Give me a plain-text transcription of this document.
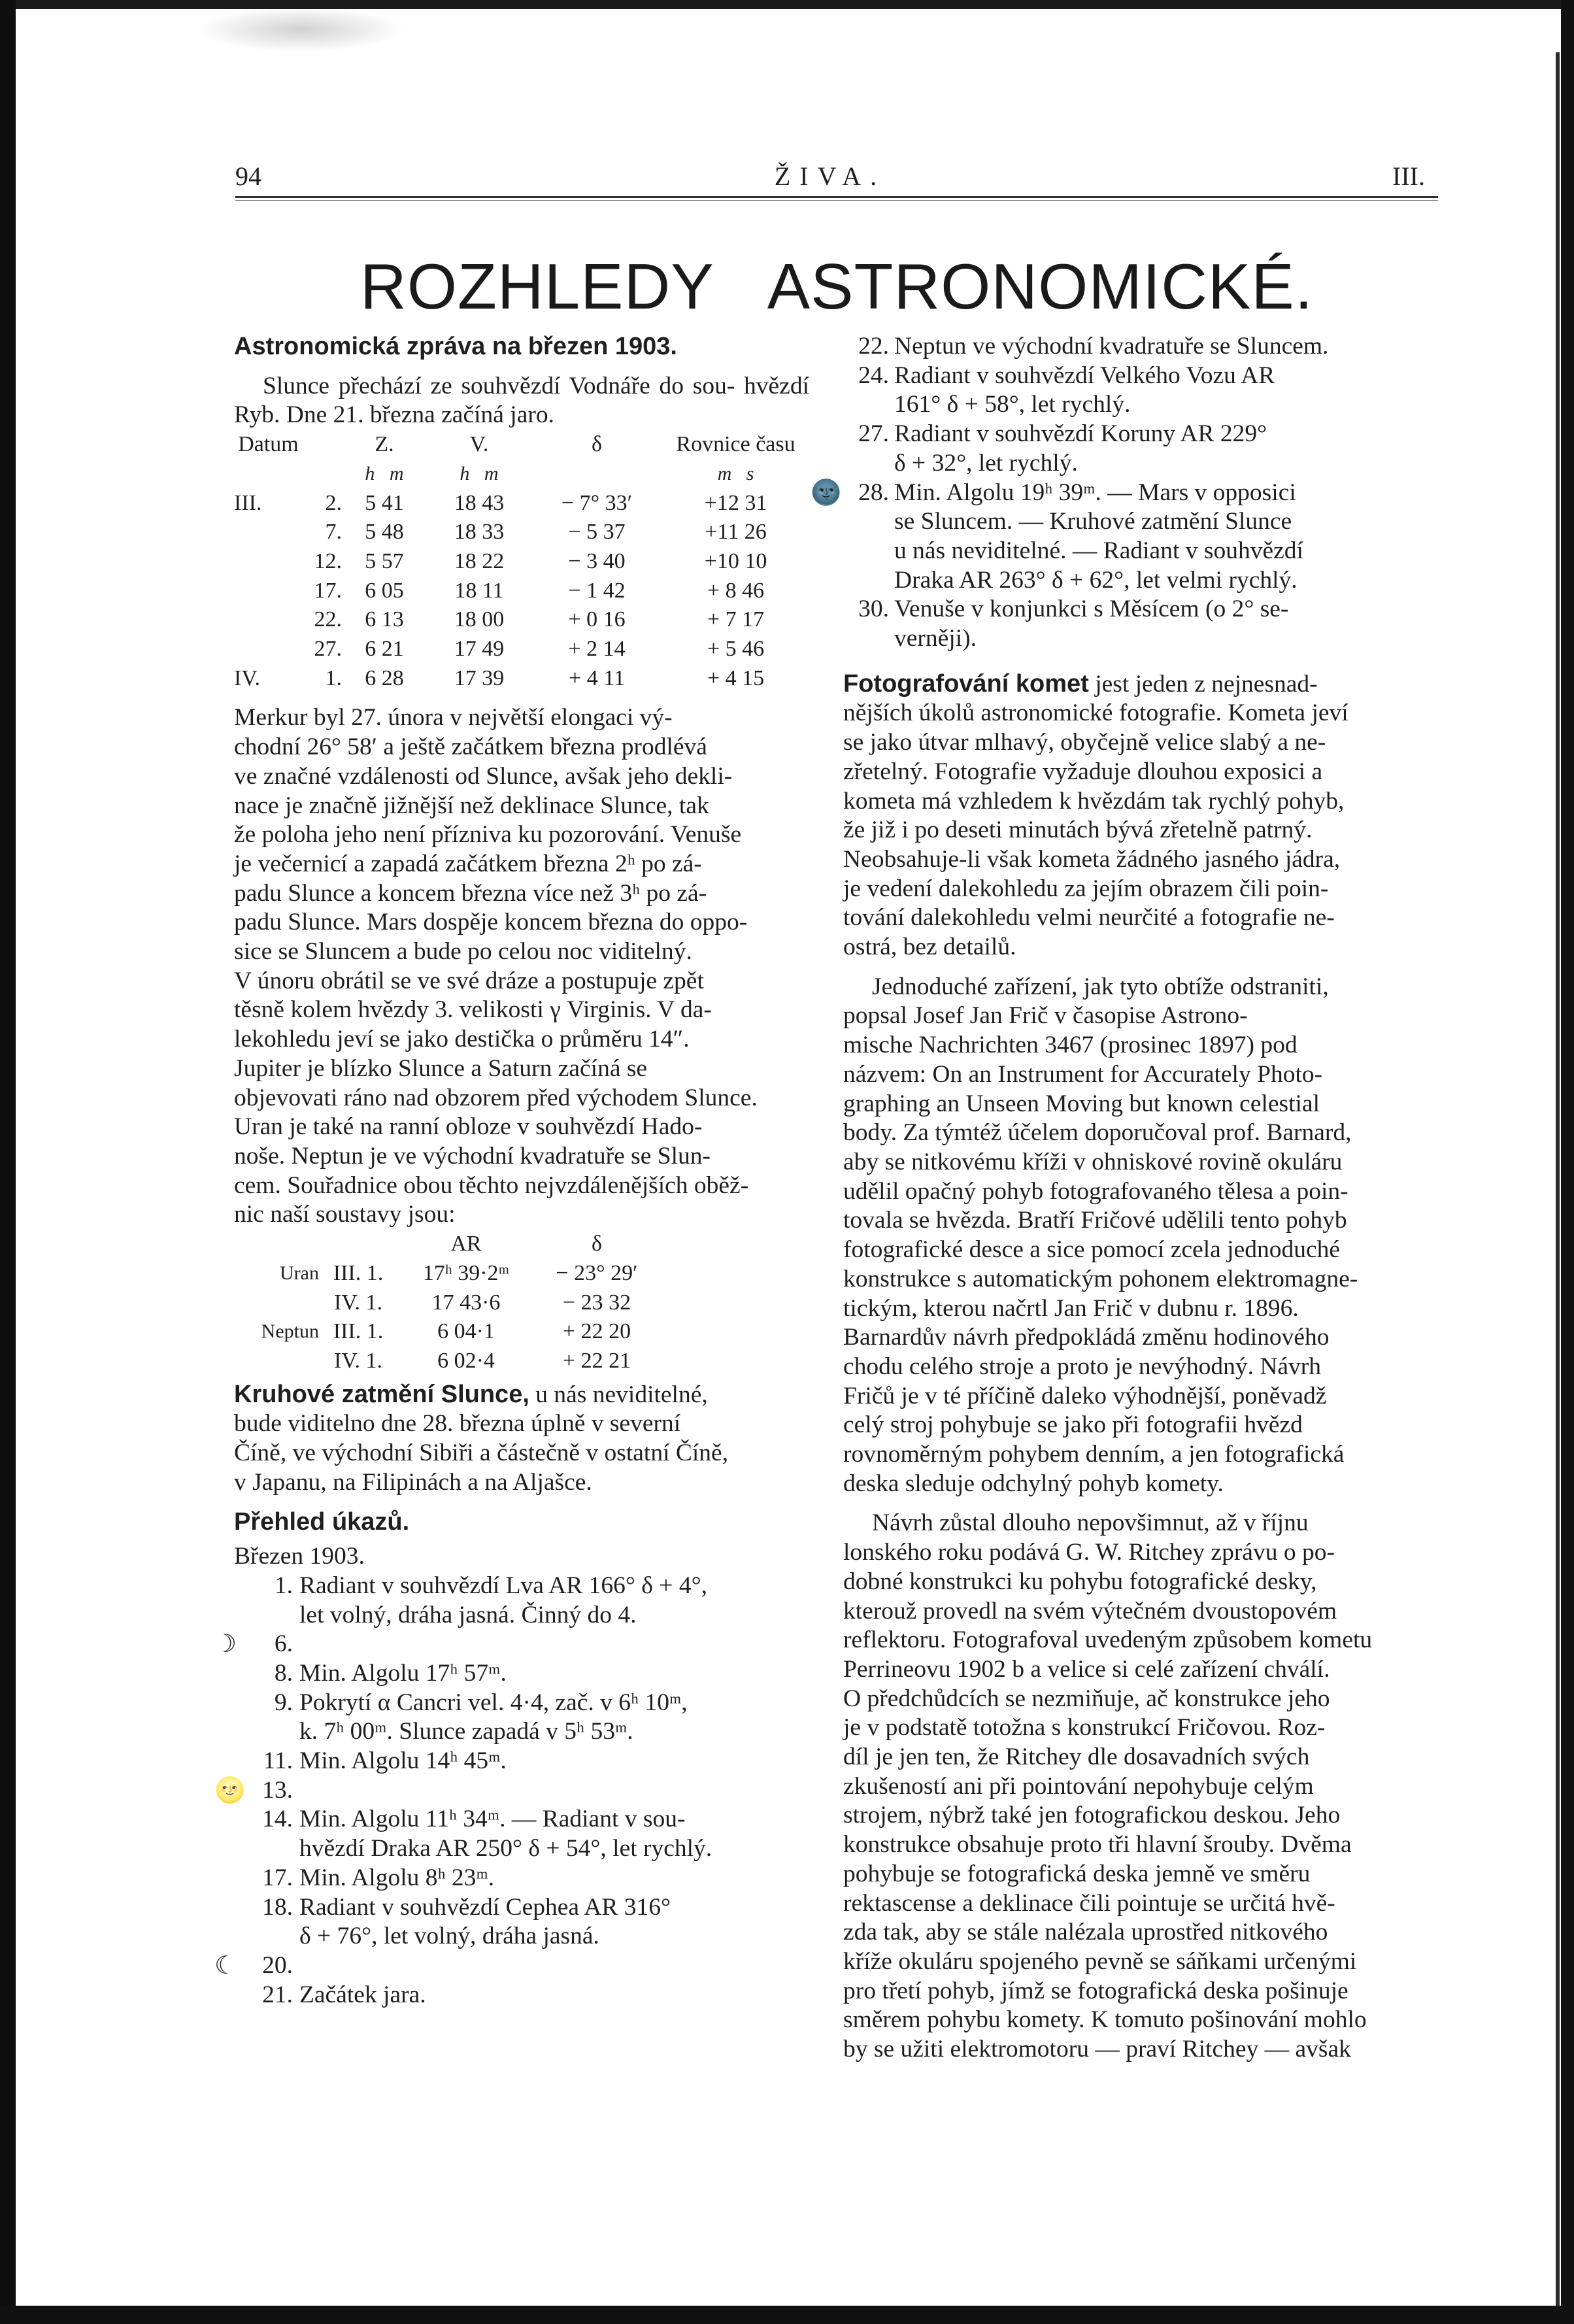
94	ŽIVA.	III.
ROZHLEDY ASTRONOMICKÉ.
Astronomická zpráva na březen 1903.

Slunce přechází ze souhvězdí Vodnáře do sou- hvězdí Ryb. Dne 21. března začíná jaro.

Datum		Z.	V.	δ	Rovnice času
		h m	h m		m s
III.	2.	5 41	18 43	− 7° 33′	+12 31
	7.	5 48	18 33	− 5 37	+11 26
	12.	5 57	18 22	− 3 40	+10 10
	17.	6 05	18 11	− 1 42	+ 8 46
	22.	6 13	18 00	+ 0 16	+ 7 17
	27.	6 21	17 49	+ 2 14	+ 5 46
IV.	1.	6 28	17 39	+ 4 11	+ 4 15
Merkur byl 27. února v největší elongaci vý-
chodní 26° 58′ a ještě začátkem března prodlévá
ve značné vzdálenosti od Slunce, avšak jeho dekli-
nace je značně jižnější než deklinace Slunce, tak
že poloha jeho není přízniva ku pozorování. Venuše
je večernicí a zapadá začátkem března 2ʰ po zá-
padu Slunce a koncem března více než 3ʰ po zá-
padu Slunce. Mars dospěje koncem března do oppo-
sice se Sluncem a bude po celou noc viditelný.
V únoru obrátil se ve své dráze a postupuje zpět
těsně kolem hvězdy 3. velikosti γ Virginis. V da-
lekohledu jeví se jako destička o průměru 14″.
Jupiter je blízko Slunce a Saturn začíná se
objevovati ráno nad obzorem před východem Slunce.
Uran je také na ranní obloze v souhvězdí Hado-
noše. Neptun je ve východní kvadratuře se Slun-
cem. Souřadnice obou těchto nejvzdálenějších oběž-
nic naší soustavy jsou:
		AR	δ	
Uran	III. 1.	17ʰ 39·2ᵐ	− 23° 29′	
	IV. 1.	17 43·6	− 23 32	
Neptun	III. 1.	6 04·1	+ 22 20	
	IV. 1.	6 02·4	+ 22 21	
Kruhové zatmění Slunce, u nás neviditelné,
bude viditelno dne 28. března úplně v severní
Číně, ve východní Sibiři a částečně v ostatní Číně,
v Japanu, na Filipinách a na Aljašce.
Přehled úkazů.
Březen 1903.
1. Radiant v souhvězdí Lva AR 166° δ + 4°,
let volný, dráha jasná. Činný do 4.
☽	6.

8. Min. Algolu 17ʰ 57ᵐ.
9. Pokrytí α Cancri vel. 4·4, zač. v 6ʰ 10ᵐ,
k. 7ʰ 00ᵐ. Slunce zapadá v 5ʰ 53ᵐ.
11. Min. Algolu 14ʰ 45ᵐ.
🌝 13.

14. Min. Algolu 11ʰ 34ᵐ. — Radiant v sou-
hvězdí Draka AR 250° δ + 54°, let rychlý.
17. Min. Algolu 8ʰ 23ᵐ.
18. Radiant v souhvězdí Cephea AR 316°
δ + 76°, let volný, dráha jasná.
☾	20.

21. Začátek jara.
22. Neptun ve východní kvadratuře se Sluncem.
24. Radiant v souhvězdí Velkého Vozu AR
161° δ + 58°, let rychlý.
27. Radiant v souhvězdí Koruny AR 229°
δ + 32°, let rychlý.
🌚 28. Min. Algolu 19ʰ 39ᵐ. — Mars v opposici
se Sluncem. — Kruhové zatmění Slunce
u nás neviditelné. — Radiant v souhvězdí
Draka AR 263° δ + 62°, let velmi rychlý.
30. Venuše v konjunkci s Měsícem (o 2° se-
verněji).
Fotografování komet jest jeden z nejnesnad-
nějších úkolů astronomické fotografie. Kometa jeví
se jako útvar mlhavý, obyčejně velice slabý a ne-
zřetelný. Fotografie vyžaduje dlouhou exposici a
kometa má vzhledem k hvězdám tak rychlý pohyb,
že již i po deseti minutách bývá zřetelně patrný.
Neobsahuje-li však kometa žádného jasného jádra,
je vedení dalekohledu za jejím obrazem čili poin-
tování dalekohledu velmi neurčité a fotografie ne-
ostrá, bez detailů.
Jednoduché zařízení, jak tyto obtíže odstraniti,
popsal Josef Jan Frič v časopise Astrono-
mische Nachrichten 3467 (prosinec 1897) pod
názvem: On an Instrument for Accurately Photo-
graphing an Unseen Moving but known celestial
body. Za týmtéž účelem doporučoval prof. Barnard,
aby se nitkovému kříži v ohniskové rovině okuláru
udělil opačný pohyb fotografovaného tělesa a poin-
tovala se hvězda. Bratří Fričové udělili tento pohyb
fotografické desce a sice pomocí zcela jednoduché
konstrukce s automatickým pohonem elektromagne-
tickým, kterou načrtl Jan Frič v dubnu r. 1896.
Barnardův návrh předpokládá změnu hodinového
chodu celého stroje a proto je nevýhodný. Návrh
Fričů je v té příčině daleko výhodnější, poněvadž
celý stroj pohybuje se jako při fotografii hvězd
rovnoměrným pohybem denním, a jen fotografická
deska sleduje odchylný pohyb komety.
Návrh zůstal dlouho nepovšimnut, až v říjnu
lonského roku podává G. W. Ritchey zprávu o po-
dobné konstrukci ku pohybu fotografické desky,
kterouž provedl na svém výtečném dvoustopovém
reflektoru. Fotografoval uvedeným způsobem kometu
Perrineovu 1902 b a velice si celé zařízení chválí.
O předchůdcích se nezmiňuje, ač konstrukce jeho
je v podstatě totožna s konstrukcí Fričovou. Roz-
díl je jen ten, že Ritchey dle dosavadních svých
zkušeností ani při pointování nepohybuje celým
strojem, nýbrž také jen fotografickou deskou. Jeho
konstrukce obsahuje proto tři hlavní šrouby. Dvěma
pohybuje se fotografická deska jemně ve směru
rektascense a deklinace čili pointuje se určitá hvě-
zda tak, aby se stále nalézala uprostřed nitkového
kříže okuláru spojeného pevně se sáňkami určenými
pro třetí pohyb, jímž se fotografická deska pošinuje
směrem pohybu komety. K tomuto pošinování mohlo
by se užiti elektromotoru — praví Ritchey — avšak
